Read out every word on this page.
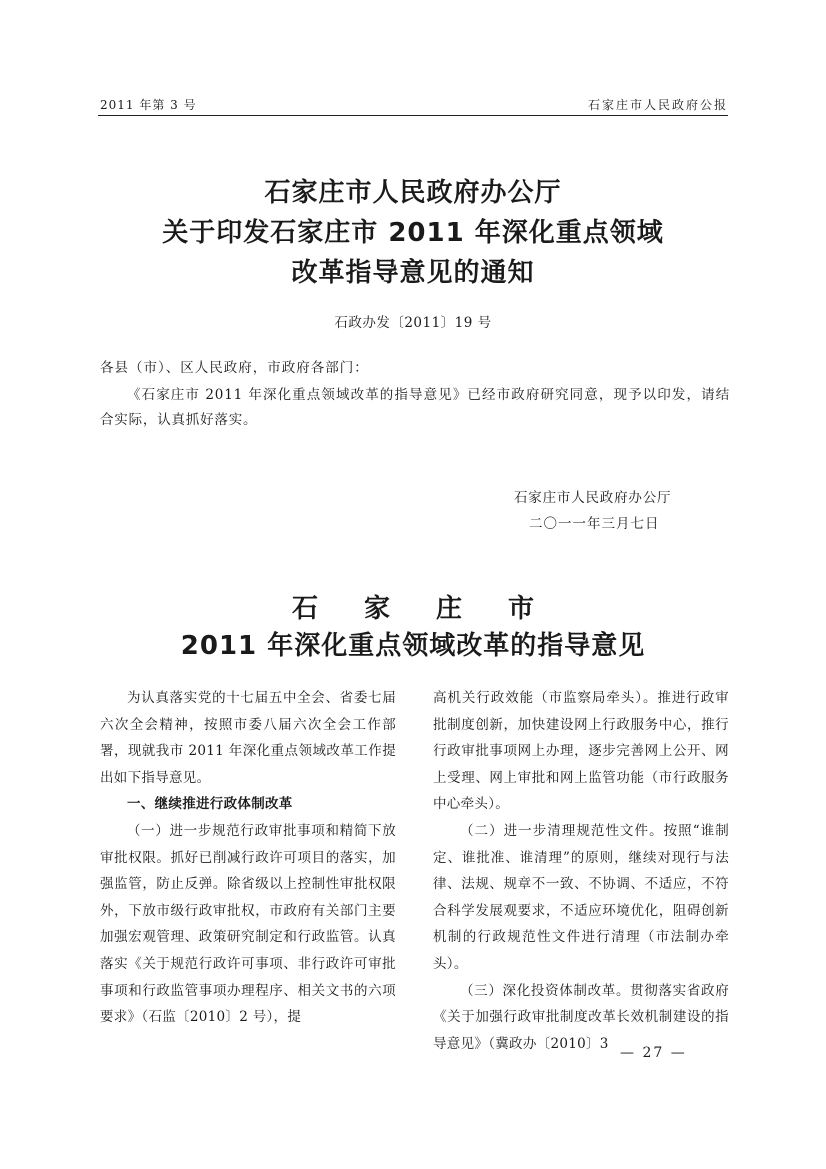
2011 年第 3 号	石家庄市人民政府公报
石家庄市人民政府办公厅
关于印发石家庄市 2011 年深化重点领域
改革指导意见的通知
石政办发〔2011〕19 号
各县（市）、区人民政府，市政府各部门：
《石家庄市 2011 年深化重点领域改革的指导意见》已经市政府研究同意，现予以印发，请结合实际，认真抓好落实。
石家庄市人民政府办公厅
二〇一一年三月七日
石家庄市
2011 年深化重点领域改革的指导意见

为认真落实党的十七届五中全会、省委七届六次全会精神，按照市委八届六次全会工作部署，现就我市 2011 年深化重点领域改革工作提出如下指导意见。

一、继续推进行政体制改革

（一）进一步规范行政审批事项和精简下放审批权限。抓好已削减行政许可项目的落实，加强监管，防止反弹。除省级以上控制性审批权限外，下放市级行政审批权，市政府有关部门主要加强宏观管理、政策研究制定和行政监管。认真落实《关于规范行政许可事项、非行政许可审批事项和行政监管事项办理程序、相关文书的六项要求》（石监〔2010〕2 号），提

高机关行政效能（市监察局牵头）。推进行政审批制度创新，加快建设网上行政服务中心，推行行政审批事项网上办理，逐步完善网上公开、网上受理、网上审批和网上监管功能（市行政服务中心牵头）。

（二）进一步清理规范性文件。按照“谁制定、谁批准、谁清理”的原则，继续对现行与法律、法规、规章不一致、不协调、不适应，不符合科学发展观要求，不适应环境优化，阻碍创新机制的行政规范性文件进行清理（市法制办牵头）。

（三）深化投资体制改革。贯彻落实省政府《关于加强行政审批制度改革长效机制建设的指导意见》（冀政办〔2010〕3

— 27 —
